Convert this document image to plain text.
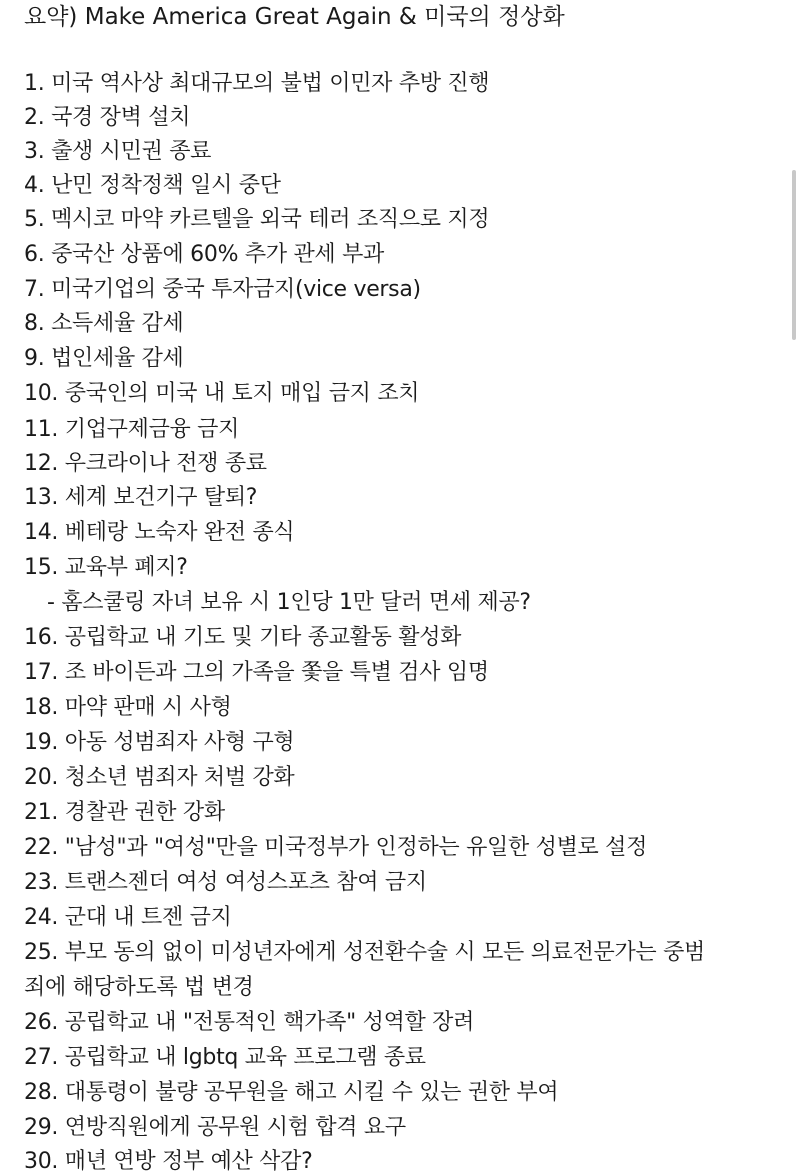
요약) Make America Great Again & 미국의 정상화
1. 미국 역사상 최대규모의 불법 이민자 추방 진행
2. 국경 장벽 설치
3. 출생 시민권 종료
4. 난민 정착정책 일시 중단
5. 멕시코 마약 카르텔을 외국 테러 조직으로 지정
6. 중국산 상품에 60% 추가 관세 부과
7. 미국기업의 중국 투자금지(vice versa)
8. 소득세율 감세
9. 법인세율 감세
10. 중국인의 미국 내 토지 매입 금지 조치
11. 기업구제금융 금지
12. 우크라이나 전쟁 종료
13. 세계 보건기구 탈퇴?
14. 베테랑 노숙자 완전 종식
15. 교육부 폐지?
- 홈스쿨링 자녀 보유 시 1인당 1만 달러 면세 제공?
16. 공립학교 내 기도 및 기타 종교활동 활성화
17. 조 바이든과 그의 가족을 쫓을 특별 검사 임명
18. 마약 판매 시 사형
19. 아동 성범죄자 사형 구형
20. 청소년 범죄자 처벌 강화
21. 경찰관 권한 강화
22. "남성"과 "여성"만을 미국정부가 인정하는 유일한 성별로 설정
23. 트랜스젠더 여성 여성스포츠 참여 금지
24. 군대 내 트젠 금지
25. 부모 동의 없이 미성년자에게 성전환수술 시 모든 의료전문가는 중범
죄에 해당하도록 법 변경
26. 공립학교 내 "전통적인 핵가족" 성역할 장려
27. 공립학교 내 lgbtq 교육 프로그램 종료
28. 대통령이 불량 공무원을 해고 시킬 수 있는 권한 부여
29. 연방직원에게 공무원 시험 합격 요구
30. 매년 연방 정부 예산 삭감?
